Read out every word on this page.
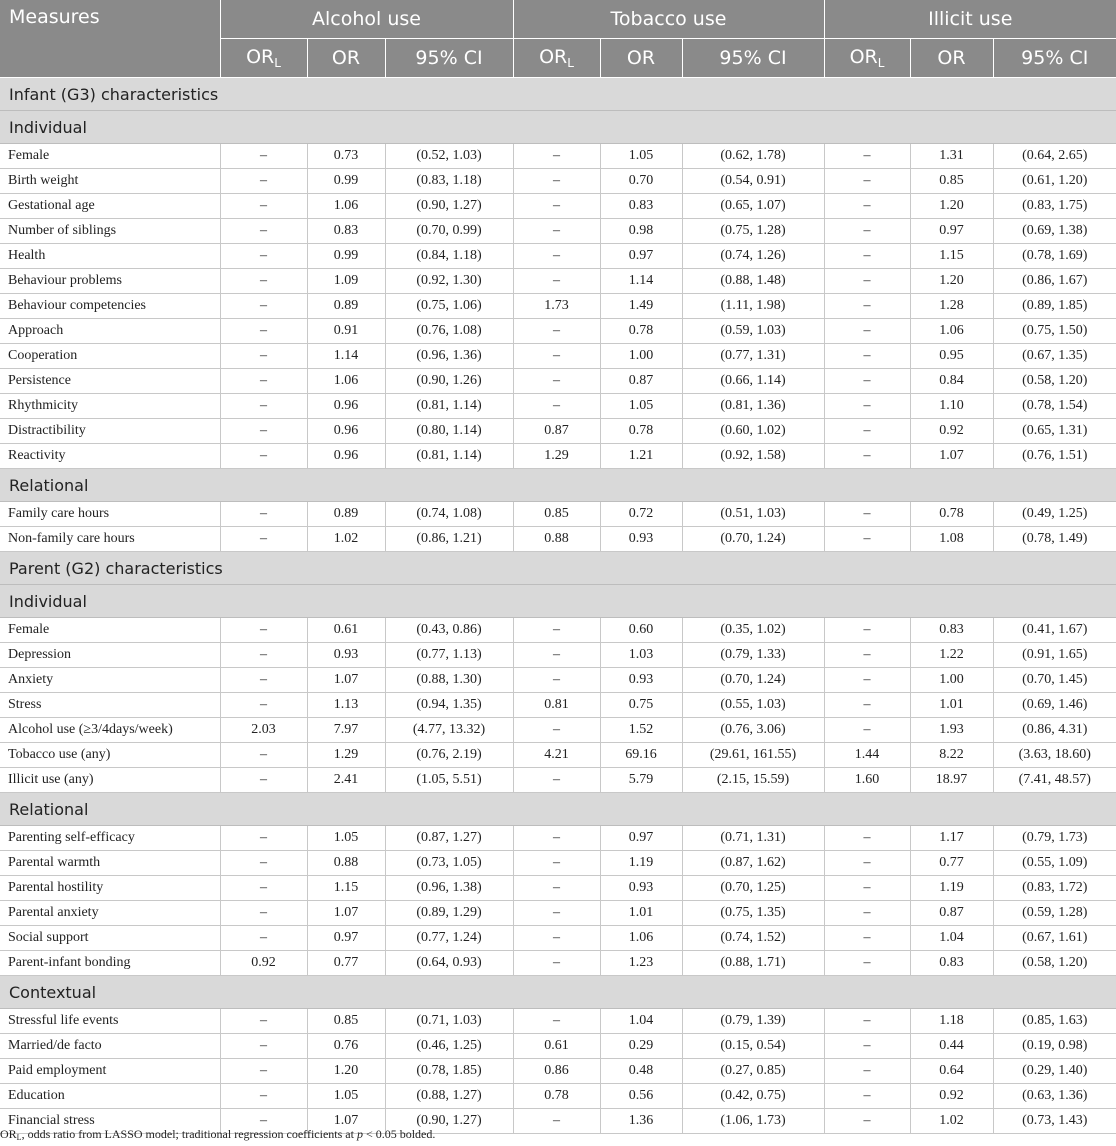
Measures	Alcohol use			Tobacco use			Illicit use		
	$OR_L$	OR	95% CI	$OR_L$	OR	95% CI	$OR_L$	OR	95% CI
Infant (G3) characteristics									
Individual									
Female	–	0.73	(0.52, 1.03)	–	1.05	(0.62, 1.78)	–	1.31	(0.64, 2.65)
Birth weight	–	0.99	(0.83, 1.18)	–	0.70	(0.54, 0.91)	–	0.85	(0.61, 1.20)
Gestational age	–	1.06	(0.90, 1.27)	–	0.83	(0.65, 1.07)	–	1.20	(0.83, 1.75)
Number of siblings	–	0.83	(0.70, 0.99)	–	0.98	(0.75, 1.28)	–	0.97	(0.69, 1.38)
Health	–	0.99	(0.84, 1.18)	–	0.97	(0.74, 1.26)	–	1.15	(0.78, 1.69)
Behaviour problems	–	1.09	(0.92, 1.30)	–	1.14	(0.88, 1.48)	–	1.20	(0.86, 1.67)
Behaviour competencies	–	0.89	(0.75, 1.06)	1.73	1.49	(1.11, 1.98)	–	1.28	(0.89, 1.85)
Approach	–	0.91	(0.76, 1.08)	–	0.78	(0.59, 1.03)	–	1.06	(0.75, 1.50)
Cooperation	–	1.14	(0.96, 1.36)	–	1.00	(0.77, 1.31)	–	0.95	(0.67, 1.35)
Persistence	–	1.06	(0.90, 1.26)	–	0.87	(0.66, 1.14)	–	0.84	(0.58, 1.20)
Rhythmicity	–	0.96	(0.81, 1.14)	–	1.05	(0.81, 1.36)	–	1.10	(0.78, 1.54)
Distractibility	–	0.96	(0.80, 1.14)	0.87	0.78	(0.60, 1.02)	–	0.92	(0.65, 1.31)
Reactivity	–	0.96	(0.81, 1.14)	1.29	1.21	(0.92, 1.58)	–	1.07	(0.76, 1.51)
Relational									
Family care hours	–	0.89	(0.74, 1.08)	0.85	0.72	(0.51, 1.03)	–	0.78	(0.49, 1.25)
Non-family care hours	–	1.02	(0.86, 1.21)	0.88	0.93	(0.70, 1.24)	–	1.08	(0.78, 1.49)
Parent (G2) characteristics									
Individual									
Female	–	0.61	(0.43, 0.86)	–	0.60	(0.35, 1.02)	–	0.83	(0.41, 1.67)
Depression	–	0.93	(0.77, 1.13)	–	1.03	(0.79, 1.33)	–	1.22	(0.91, 1.65)
Anxiety	–	1.07	(0.88, 1.30)	–	0.93	(0.70, 1.24)	–	1.00	(0.70, 1.45)
Stress	–	1.13	(0.94, 1.35)	0.81	0.75	(0.55, 1.03)	–	1.01	(0.69, 1.46)
Alcohol use (≥3/4days/week)	2.03	7.97	(4.77, 13.32)	–	1.52	(0.76, 3.06)	–	1.93	(0.86, 4.31)
Tobacco use (any)	–	1.29	(0.76, 2.19)	4.21	69.16	(29.61, 161.55)	1.44	8.22	(3.63, 18.60)
Illicit use (any)	–	2.41	(1.05, 5.51)	–	5.79	(2.15, 15.59)	1.60	18.97	(7.41, 48.57)
Relational									
Parenting self-efficacy	–	1.05	(0.87, 1.27)	–	0.97	(0.71, 1.31)	–	1.17	(0.79, 1.73)
Parental warmth	–	0.88	(0.73, 1.05)	–	1.19	(0.87, 1.62)	–	0.77	(0.55, 1.09)
Parental hostility	–	1.15	(0.96, 1.38)	–	0.93	(0.70, 1.25)	–	1.19	(0.83, 1.72)
Parental anxiety	–	1.07	(0.89, 1.29)	–	1.01	(0.75, 1.35)	–	0.87	(0.59, 1.28)
Social support	–	0.97	(0.77, 1.24)	–	1.06	(0.74, 1.52)	–	1.04	(0.67, 1.61)
Parent-infant bonding	0.92	0.77	(0.64, 0.93)	–	1.23	(0.88, 1.71)	–	0.83	(0.58, 1.20)
Contextual									
Stressful life events	–	0.85	(0.71, 1.03)	–	1.04	(0.79, 1.39)	–	1.18	(0.85, 1.63)
Married/de facto	–	0.76	(0.46, 1.25)	0.61	0.29	(0.15, 0.54)	–	0.44	(0.19, 0.98)
Paid employment	–	1.20	(0.78, 1.85)	0.86	0.48	(0.27, 0.85)	–	0.64	(0.29, 1.40)
Education	–	1.05	(0.88, 1.27)	0.78	0.56	(0.42, 0.75)	–	0.92	(0.63, 1.36)
Financial stress	–	1.07	(0.90, 1.27)	–	1.36	(1.06, 1.73)	–	1.02	(0.73, 1.43)
ORL, odds ratio from LASSO model; traditional regression coefficients at p < 0.05 bolded.
